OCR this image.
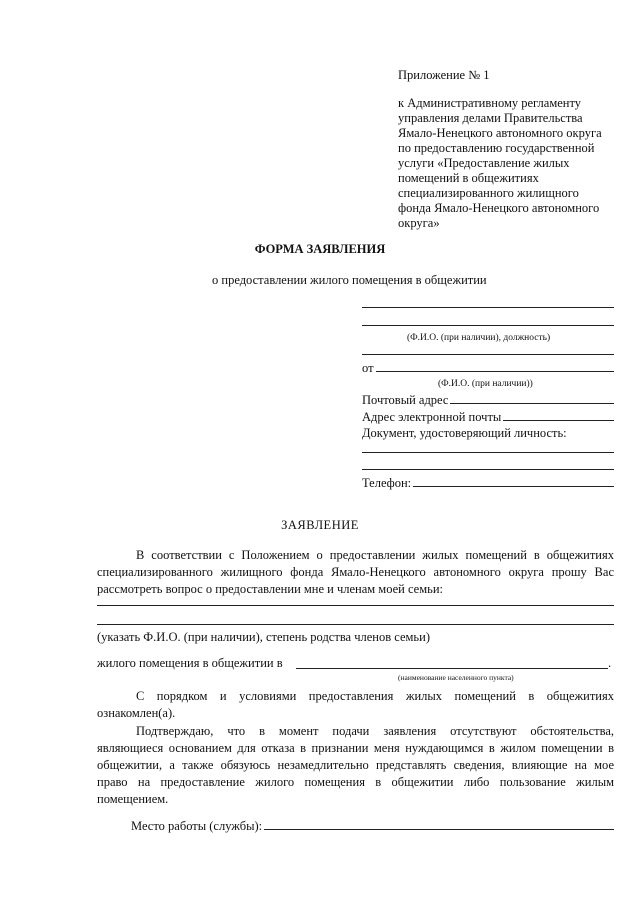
Приложение № 1
к Административному регламенту
управления делами Правительства
Ямало-Ненецкого автономного округа
по предоставлению государственной
услуги «Предоставление жилых
помещений в общежитиях
специализированного жилищного
фонда Ямало-Ненецкого автономного
округа»
ФОРМА ЗАЯВЛЕНИЯ
о предоставлении жилого помещения в общежитии
(Ф.И.О. (при наличии), должность)
от
(Ф.И.О. (при наличии))
Почтовый адрес
Адрес электронной почты
Документ, удостоверяющий личность:
Телефон:
ЗАЯВЛЕНИЕ
В соответствии с Положением о предоставлении жилых помещений в общежитиях
специализированного жилищного фонда Ямало-Ненецкого автономного округа прошу Вас
рассмотреть вопрос о предоставлении мне и членам моей семьи:
(указать Ф.И.О. (при наличии), степень родства членов семьи)
жилого помещения в общежитии в	.
(наименование населенного пункта)
С порядком и условиями предоставления жилых помещений в общежитиях
ознакомлен(а).
Подтверждаю, что в момент подачи заявления отсутствуют обстоятельства,
являющиеся основанием для отказа в признании меня нуждающимся в жилом помещении в
общежитии, а также обязуюсь незамедлительно представлять сведения, влияющие на мое
право на предоставление жилого помещения в общежитии либо пользование жилым
помещением.
Место работы (службы):
